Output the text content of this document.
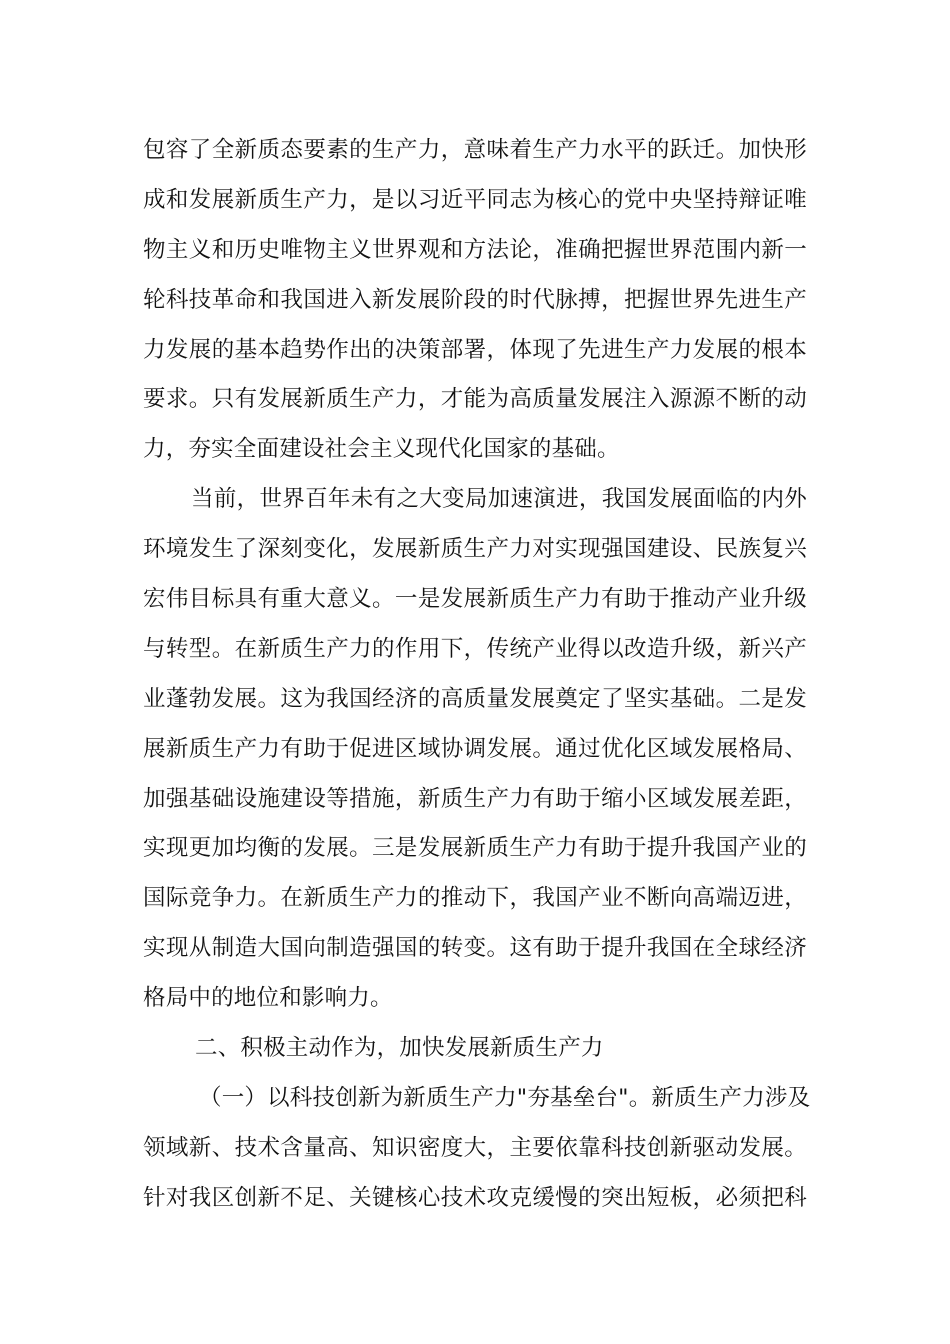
包容了全新质态要素的生产力，意味着生产力水平的跃迁。加快形
成和发展新质生产力，是以习近平同志为核心的党中央坚持辩证唯
物主义和历史唯物主义世界观和方法论，准确把握世界范围内新一
轮科技革命和我国进入新发展阶段的时代脉搏，把握世界先进生产
力发展的基本趋势作出的决策部署，体现了先进生产力发展的根本
要求。只有发展新质生产力，才能为高质量发展注入源源不断的动
力，夯实全面建设社会主义现代化国家的基础。
当前，世界百年未有之大变局加速演进，我国发展面临的内外
环境发生了深刻变化，发展新质生产力对实现强国建设、民族复兴
宏伟目标具有重大意义。一是发展新质生产力有助于推动产业升级
与转型。在新质生产力的作用下，传统产业得以改造升级，新兴产
业蓬勃发展。这为我国经济的高质量发展奠定了坚实基础。二是发
展新质生产力有助于促进区域协调发展。通过优化区域发展格局、
加强基础设施建设等措施，新质生产力有助于缩小区域发展差距，
实现更加均衡的发展。三是发展新质生产力有助于提升我国产业的
国际竞争力。在新质生产力的推动下，我国产业不断向高端迈进，
实现从制造大国向制造强国的转变。这有助于提升我国在全球经济
格局中的地位和影响力。
二、积极主动作为，加快发展新质生产力
（一）以科技创新为新质生产力"夯基垒台"。新质生产力涉及
领域新、技术含量高、知识密度大，主要依靠科技创新驱动发展。
针对我区创新不足、关键核心技术攻克缓慢的突出短板，必须把科
